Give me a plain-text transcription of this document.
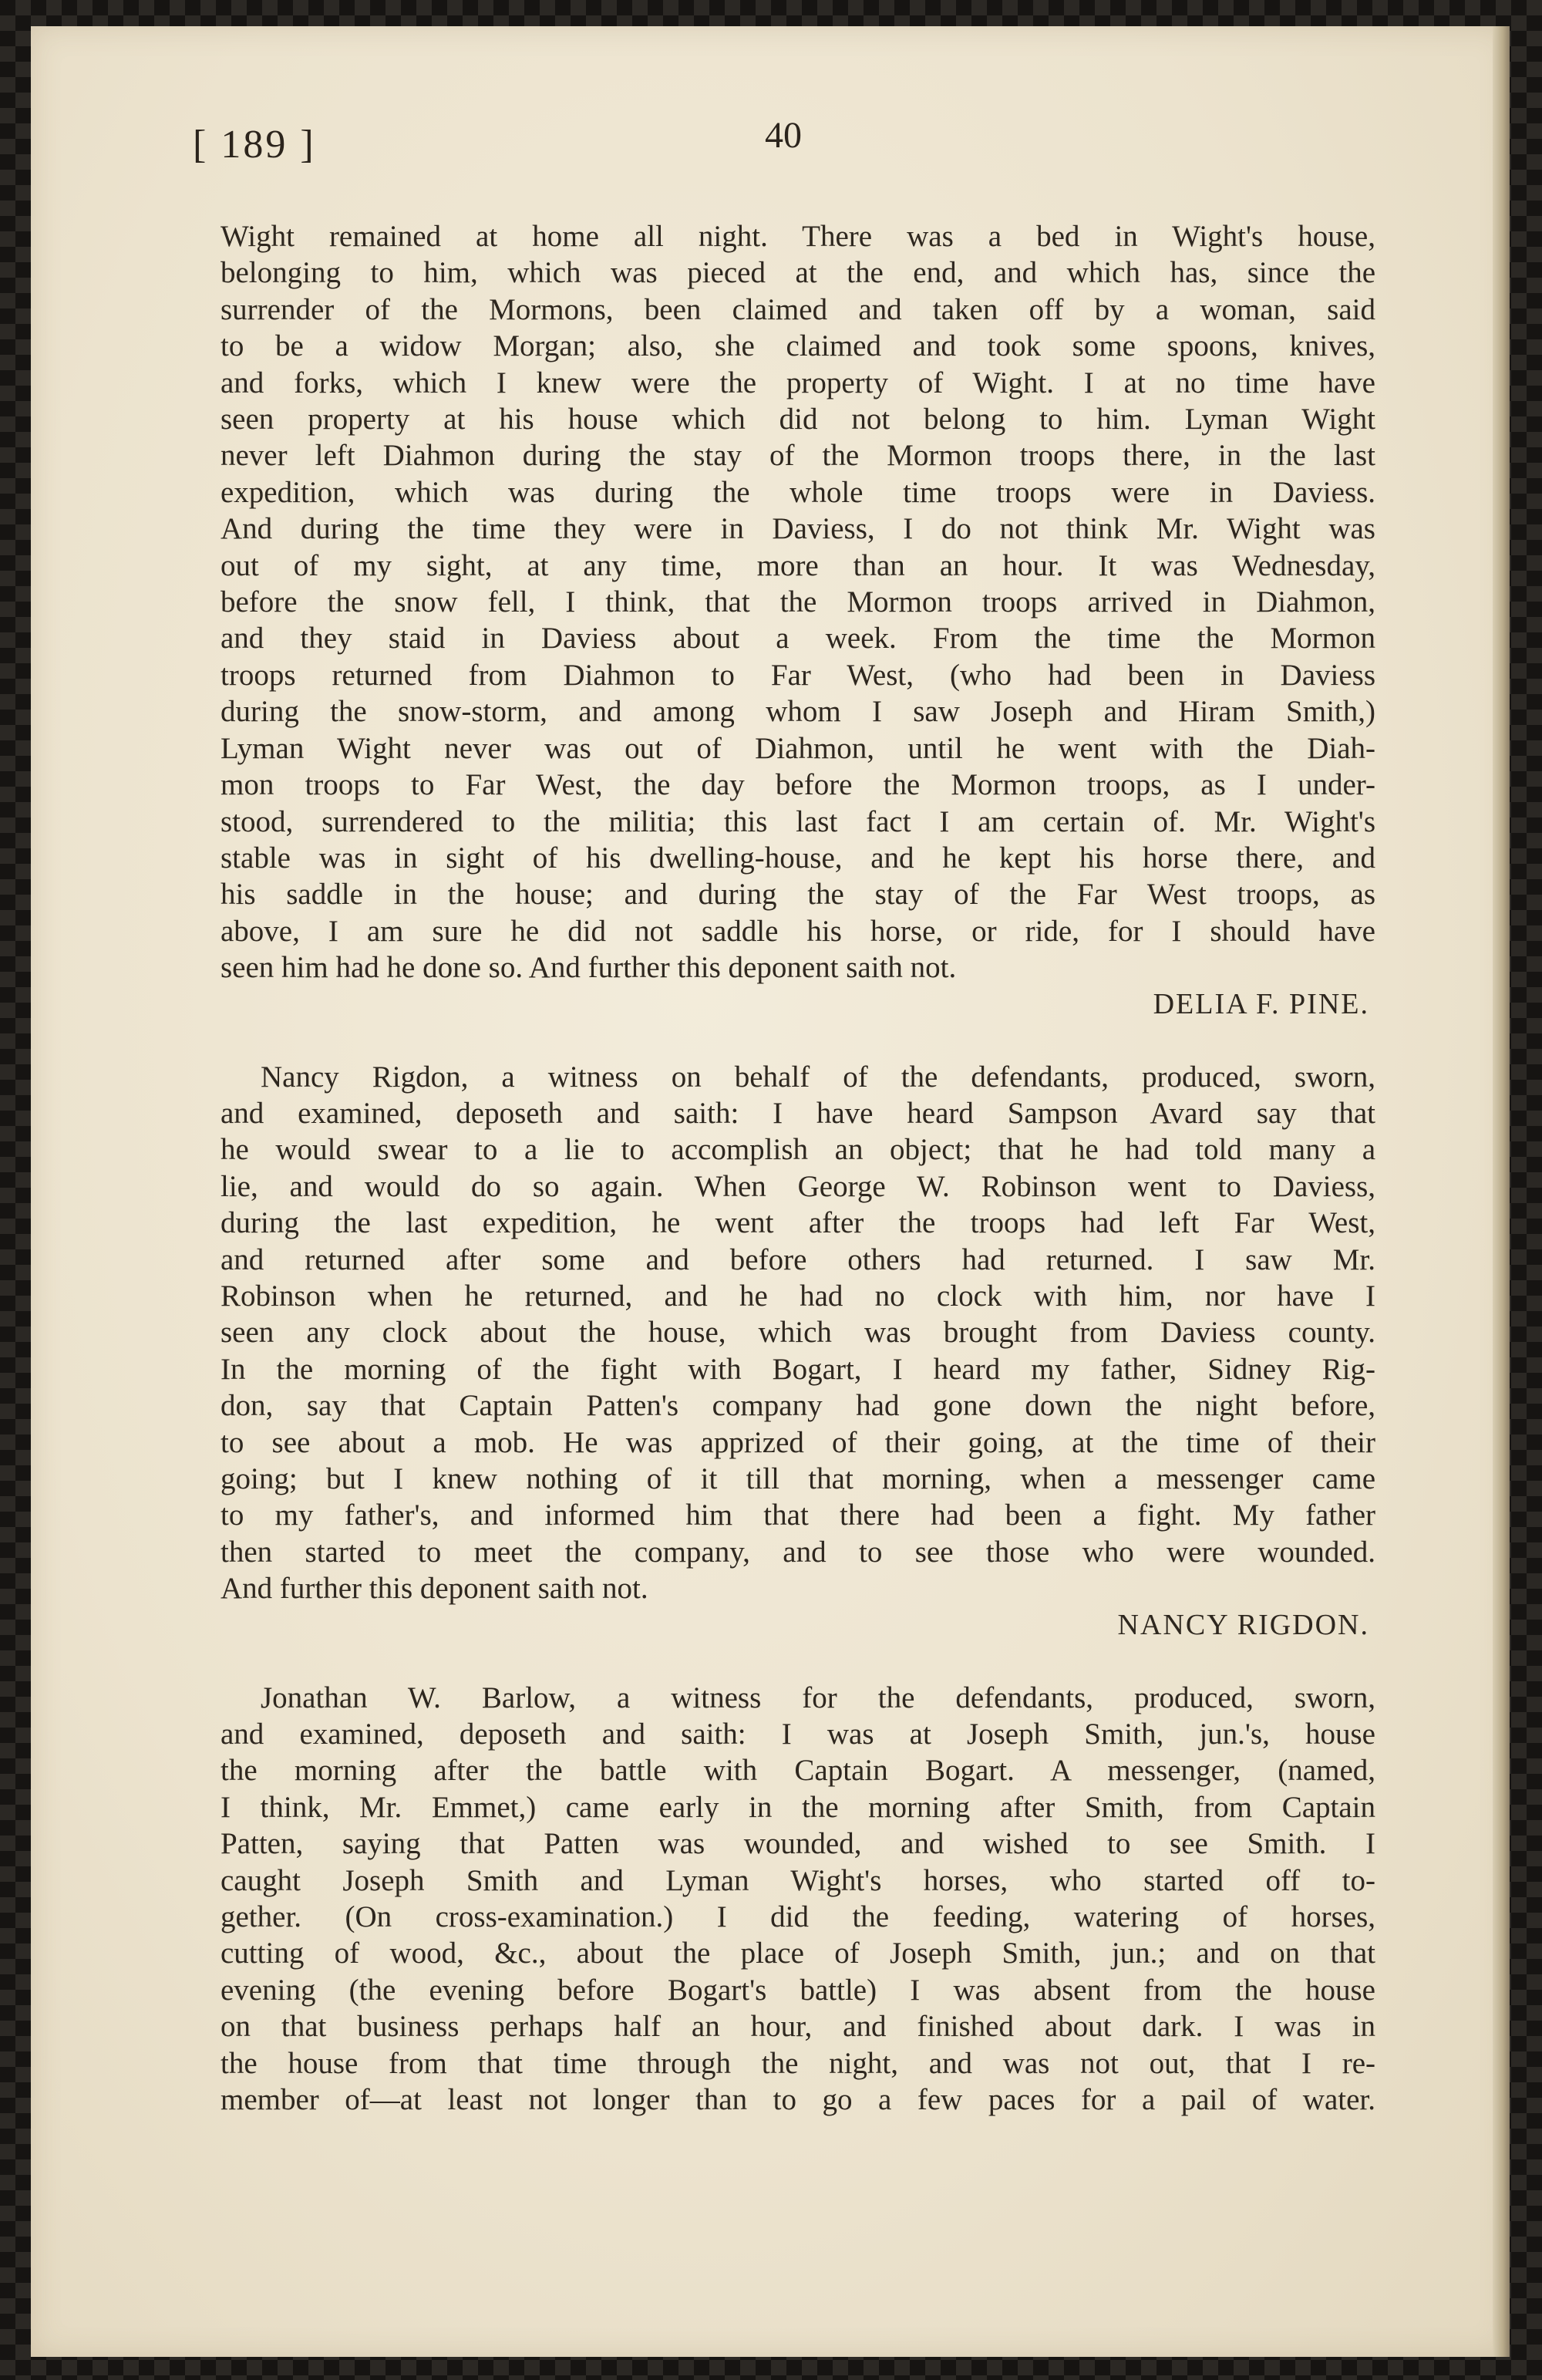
[ 189 ]	40

Wight remained at home all night. There was a bed in Wight's house,
belonging to him, which was pieced at the end, and which has, since the
surrender of the Mormons, been claimed and taken off by a woman, said
to be a widow Morgan; also, she claimed and took some spoons, knives,
and forks, which I knew were the property of Wight. I at no time have
seen property at his house which did not belong to him. Lyman Wight
never left Diahmon during the stay of the Mormon troops there, in the last
expedition, which was during the whole time troops were in Daviess.
And during the time they were in Daviess, I do not think Mr. Wight was
out of my sight, at any time, more than an hour. It was Wednesday,
before the snow fell, I think, that the Mormon troops arrived in Diahmon,
and they staid in Daviess about a week. From the time the Mormon
troops returned from Diahmon to Far West, (who had been in Daviess
during the snow-storm, and among whom I saw Joseph and Hiram Smith,)
Lyman Wight never was out of Diahmon, until he went with the Diah-
mon troops to Far West, the day before the Mormon troops, as I under-
stood, surrendered to the militia; this last fact I am certain of. Mr. Wight's
stable was in sight of his dwelling-house, and he kept his horse there, and
his saddle in the house; and during the stay of the Far West troops, as
above, I am sure he did not saddle his horse, or ride, for I should have
seen him had he done so. And further this deponent saith not.

DELIA F. PINE.

Nancy Rigdon, a witness on behalf of the defendants, produced, sworn,
and examined, deposeth and saith: I have heard Sampson Avard say that
he would swear to a lie to accomplish an object; that he had told many a
lie, and would do so again. When George W. Robinson went to Daviess,
during the last expedition, he went after the troops had left Far West,
and returned after some and before others had returned. I saw Mr.
Robinson when he returned, and he had no clock with him, nor have I
seen any clock about the house, which was brought from Daviess county.
In the morning of the fight with Bogart, I heard my father, Sidney Rig-
don, say that Captain Patten's company had gone down the night before,
to see about a mob. He was apprized of their going, at the time of their
going; but I knew nothing of it till that morning, when a messenger came
to my father's, and informed him that there had been a fight. My father
then started to meet the company, and to see those who were wounded.
And further this deponent saith not.

NANCY RIGDON.

Jonathan W. Barlow, a witness for the defendants, produced, sworn,
and examined, deposeth and saith: I was at Joseph Smith, jun.'s, house
the morning after the battle with Captain Bogart. A messenger, (named,
I think, Mr. Emmet,) came early in the morning after Smith, from Captain
Patten, saying that Patten was wounded, and wished to see Smith. I
caught Joseph Smith and Lyman Wight's horses, who started off to-
gether. (On cross-examination.) I did the feeding, watering of horses,
cutting of wood, &c., about the place of Joseph Smith, jun.; and on that
evening (the evening before Bogart's battle) I was absent from the house
on that business perhaps half an hour, and finished about dark. I was in
the house from that time through the night, and was not out, that I re-
member of—at least not longer than to go a few paces for a pail of water.
